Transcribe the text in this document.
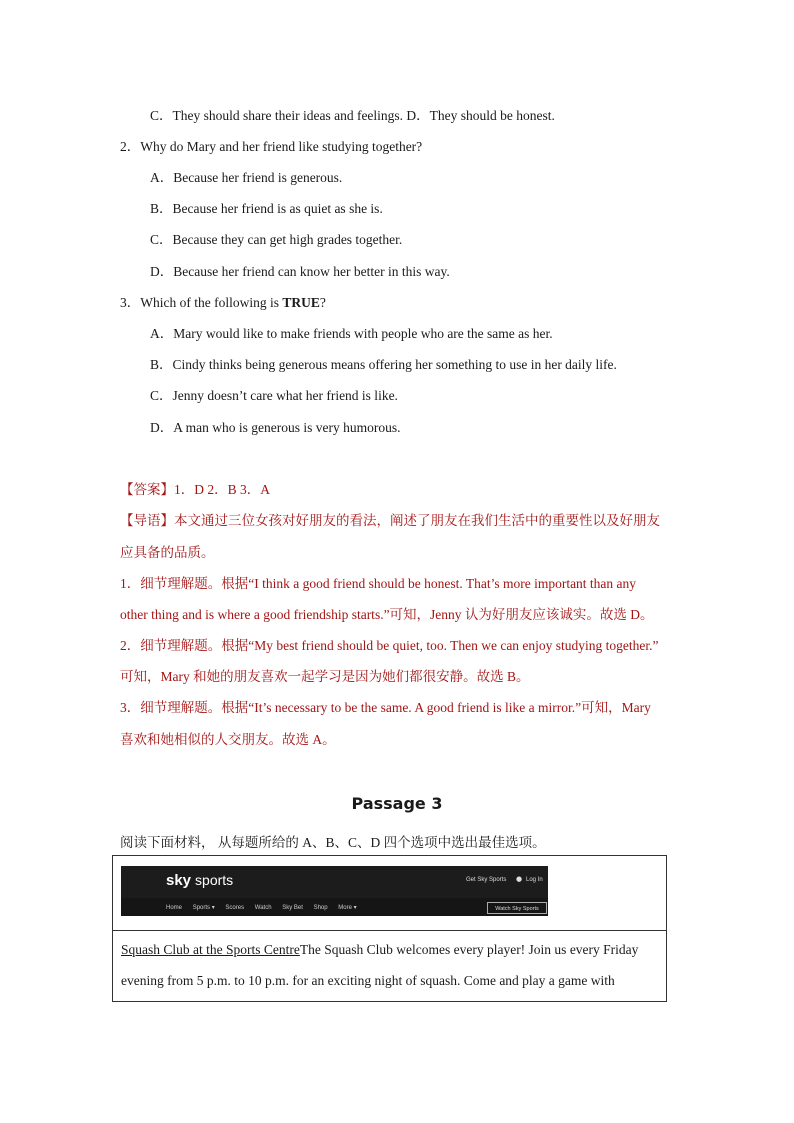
C．They should share their ideas and feelings. D．They should be honest.
2．Why do Mary and her friend like studying together?
A．Because her friend is generous.
B．Because her friend is as quiet as she is.
C．Because they can get high grades together.
D．Because her friend can know her better in this way.
3．Which of the following is TRUE?
A．Mary would like to make friends with people who are the same as her.
B．Cindy thinks being generous means offering her something to use in her daily life.
C．Jenny doesn’t care what her friend is like.
D．A man who is generous is very humorous.
【答案】1．D 2．B 3．A
【导语】本文通过三位女孩对好朋友的看法，阐述了朋友在我们生活中的重要性以及好朋友
应具备的品质。
1．细节理解题。根据“I think a good friend should be honest. That’s more important than any
other thing and is where a good friendship starts.”可知，Jenny 认为好朋友应该诚实。故选 D。
2．细节理解题。根据“My best friend should be quiet, too. Then we can enjoy studying together.”
可知，Mary 和她的朋友喜欢一起学习是因为她们都很安静。故选 B。
3．细节理解题。根据“It’s necessary to be the same. A good friend is like a mirror.”可知，Mary
喜欢和她相似的人交朋友。故选 A。
Passage 3
阅读下面材料， 从每题所给的 A、B、C、D 四个选项中选出最佳选项。
sky sports	Get Sky Sports ● Log In
Home Sports ▾ Scores Watch Sky Bet Shop More ▾	Watch Sky Sports
Squash Club at the Sports CentreThe Squash Club welcomes every player! Join us every Friday
evening from 5 p.m. to 10 p.m. for an exciting night of squash. Come and play a game with
